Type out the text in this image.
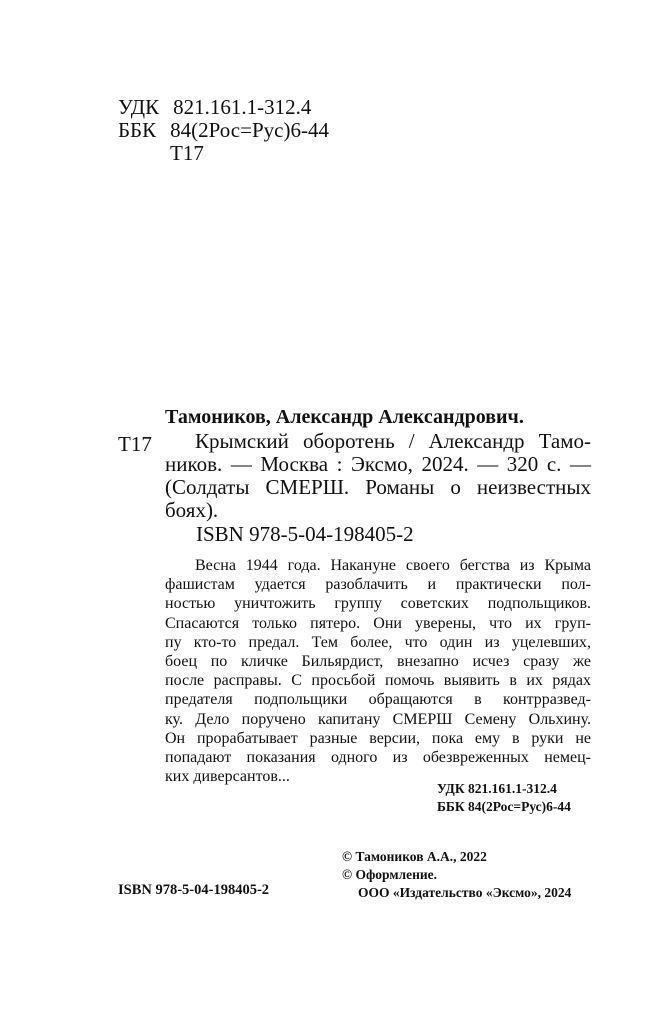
УДК 821.161.1-312.4
ББК 84(2Рос=Рус)6-44
Т17
Тамоников, Александр Александрович.
Т17	Крымский оборотень / Александр Тамо-
ников. — Москва : Эксмо, 2024. — 320 с. —
(Солдаты СМЕРШ. Романы о неизвестных
боях).
ISBN 978-5-04-198405-2
Весна 1944 года. Накануне своего бегства из Крыма
фашистам удается разоблачить и практически пол-
ностью уничтожить группу советских подпольщиков.
Спасаются только пятеро. Они уверены, что их груп-
пу кто-то предал. Тем более, что один из уцелевших,
боец по кличке Бильярдист, внезапно исчез сразу же
после расправы. С просьбой помочь выявить в их рядах
предателя подпольщики обращаются в контрразвед-
ку. Дело поручено капитану СМЕРШ Семену Ольхину.
Он прорабатывает разные версии, пока ему в руки не
попадают показания одного из обезвреженных немец-
ких диверсантов...
УДК 821.161.1-312.4
ББК 84(2Рос=Рус)6-44
© Тамоников А.А., 2022
© Оформление.
ООО «Издательство «Эксмо», 2024
ISBN 978-5-04-198405-2
